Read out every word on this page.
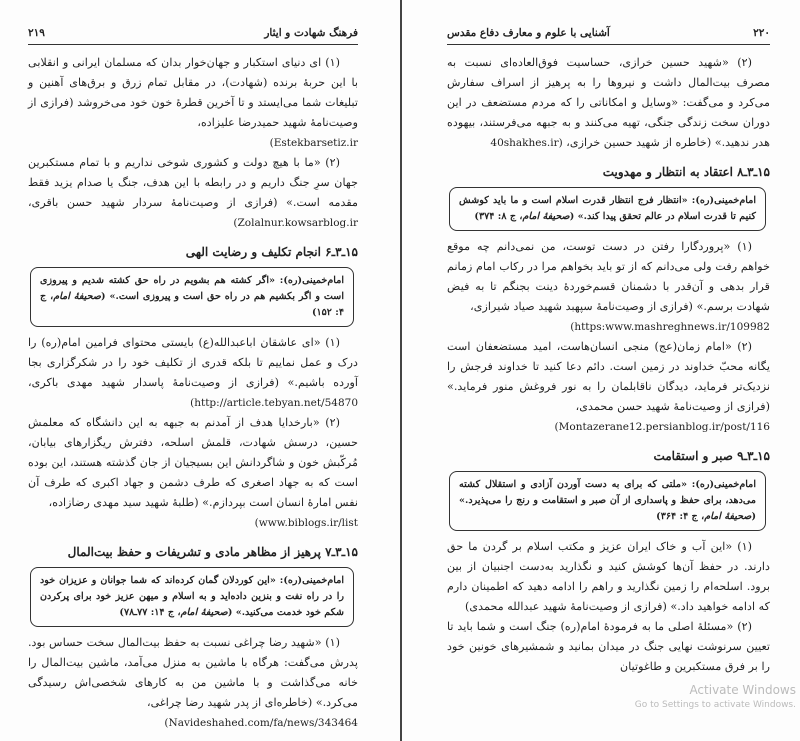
فرهنگ شهادت و ایثار
۲۱۹

(۱) ای دنیای استکبار و جهان‌خوار بدان که مسلمان ایرانی و انقلابی با این حربهٔ برنده (شهادت)، در مقابل تمام زرق و برق‌های آهنین و تبلیغات شما می‌ایستد و تا آخرین قطرهٔ خون خود می‌خروشد (فرازی از وصیت‌نامهٔ شهید حمیدرضا علیزاده،

(Estekbarsetiz.ir

(۲) «ما با هیچ دولت و کشوری شوخی نداریم و با تمام مستکبرین جهان سرِ جنگ داریم و در رابطه با این هدف، جنگ یا صدام یزید فقط مقدمه است.» (فرازی از وصیت‌نامهٔ سردار شهید حسن باقری، Zolalnur.kowsarblog.ir)

۱۵ـ۳ـ۶ انجام تکلیف و رضایت الهی
امام‌خمینی(ره): «اگر کشته هم بشویم در راه حق کشته شدیم و پیروزی است و اگر بکشیم هم در راه حق است و پیروزی است.» (صحیفهٔ امام، ج ۴: ۱۵۲)

(۱) «ای عاشقان اباعبدالله(ع) بایستی محتوای فرامین امام(ره) را درک و عمل نماییم تا بلکه قدری از تکلیف خود را در شکرگزاری بجا آورده باشیم.» (فرازی از وصیت‌نامهٔ پاسدار شهید مهدی باکری، http://article.tebyan.net/54870)

(۲) «بارخدایا هدف از آمدنم به جبهه به این دانشگاه که معلمش حسین، درسش شهادت، قلمش اسلحه، دفترش ریگزارهای بیابان، مُرکّبش خون و شاگردانش این بسیجیان از جان گذشته هستند، این بوده است که به جهاد اصغری که طرف دشمن و جهاد اکبری که طرف آن نفس امارهٔ انسان است بپردازم.» (طلبهٔ شهید سید مهدی رضازاده،

(www.biblogs.ir/list
۱۵ـ۳ـ۷ پرهیز از مظاهر مادی و تشریفات و حفظ بیت‌المال
امام‌خمینی(ره): «این کوردلان گمان کرده‌اند که شما جوانان و عزیزان خود را در راه نفت و بنزین داده‌اید و به اسلام و میهن عزیز خود برای پرکردن شکم خود خدمت می‌کنید.» (صحیفهٔ امام، ج ۱۴: ۷۷ـ۷۸)

(۱) «شهید رضا چراغی نسبت به حفظ بیت‌المال سخت حساس بود. پدرش می‌گفت: هرگاه با ماشین به منزل می‌آمد، ماشین بیت‌المال را خانه می‌گذاشت و با ماشین من به کارهای شخصی‌اش رسیدگی می‌کرد.» (خاطره‌ای از پدر شهید رضا چراغی،

(Navideshahed.com/fa/news/343464
آشنایی با علوم و معارف دفاع مقدس	۲۲۰

(۲) «شهید حسین خرازی، حساسیت فوق‌العاده‌ای نسبت به مصرف بیت‌المال داشت و نیروها را به پرهیز از اسراف سفارش می‌کرد و می‌گفت: «وسایل و امکاناتی را که مردم مستضعف در این دوران سخت زندگی جنگی، تهیه می‌کنند و به جبهه می‌فرستند، بیهوده هدر ندهید.» (خاطره از شهید حسین خرازی، (40shakhes.ir

۱۵ـ۳ـ۸ اعتقاد به انتظار و مهدویت
امام‌خمینی(ره): «انتظار فرج انتظار قدرت اسلام است و ما باید کوشش کنیم تا قدرت اسلام در عالم تحقق پیدا کند.» (صحیفهٔ امام، ج ۸: ۳۷۴)

(۱) «پروردگارا رفتن در دست توست، من نمی‌دانم چه موقع خواهم رفت ولی می‌دانم که از تو باید بخواهم مرا در رکاب امام زمانم قرار بدهی و آن‌قدر با دشمنان قسم‌خوردهٔ دینت بجنگم تا به فیض شهادت برسم.» (فرازی از وصیت‌نامهٔ سپهبد شهید صیاد شیرازی،

(https:www.mashreghnews.ir/109982

(۲) «امام زمان(عج) منجی انسان‌هاست، امید مستضعفان است یگانه محبّ خداوند در زمین است. دائم دعا کنید تا خداوند فرجش را نزدیک‌تر فرماید، دیدگان ناقابلمان را به نور فروغش منور فرماید.» (فرازی از وصیت‌نامهٔ شهید حسن محمدی،

(Montazerane12.persianblog.ir/post/116
۱۵ـ۳ـ۹ صبر و استقامت
امام‌خمینی(ره): «ملتی که برای به دست آوردن آزادی و استقلال کشته می‌دهد، برای حفظ و پاسداری از آن صبر و استقامت و رنج را می‌پذیرد.» (صحیفهٔ امام، ج ۴: ۳۶۴)

(۱) «این آب و خاک ایران عزیز و مکتب اسلام بر گردن ما حق دارند. در حفظ آن‌ها کوشش کنید و نگذارید به‌دست اجنبیان از بین برود. اسلحه‌ام را زمین نگذارید و راهم را ادامه دهید که اطمینان دارم که ادامه خواهید داد.» (فرازی از وصیت‌نامهٔ شهید عبدالله محمدی)

(۲) «مسئلهٔ اصلی ما به فرمودهٔ امام(ره) جنگ است و شما باید تا تعیین سرنوشت نهایی جنگ در میدان بمانید و شمشیرهای خونین خود را بر فرق مستکبرین و طاغوتیان

Activate Windows
Go to Settings to activate Windows.
